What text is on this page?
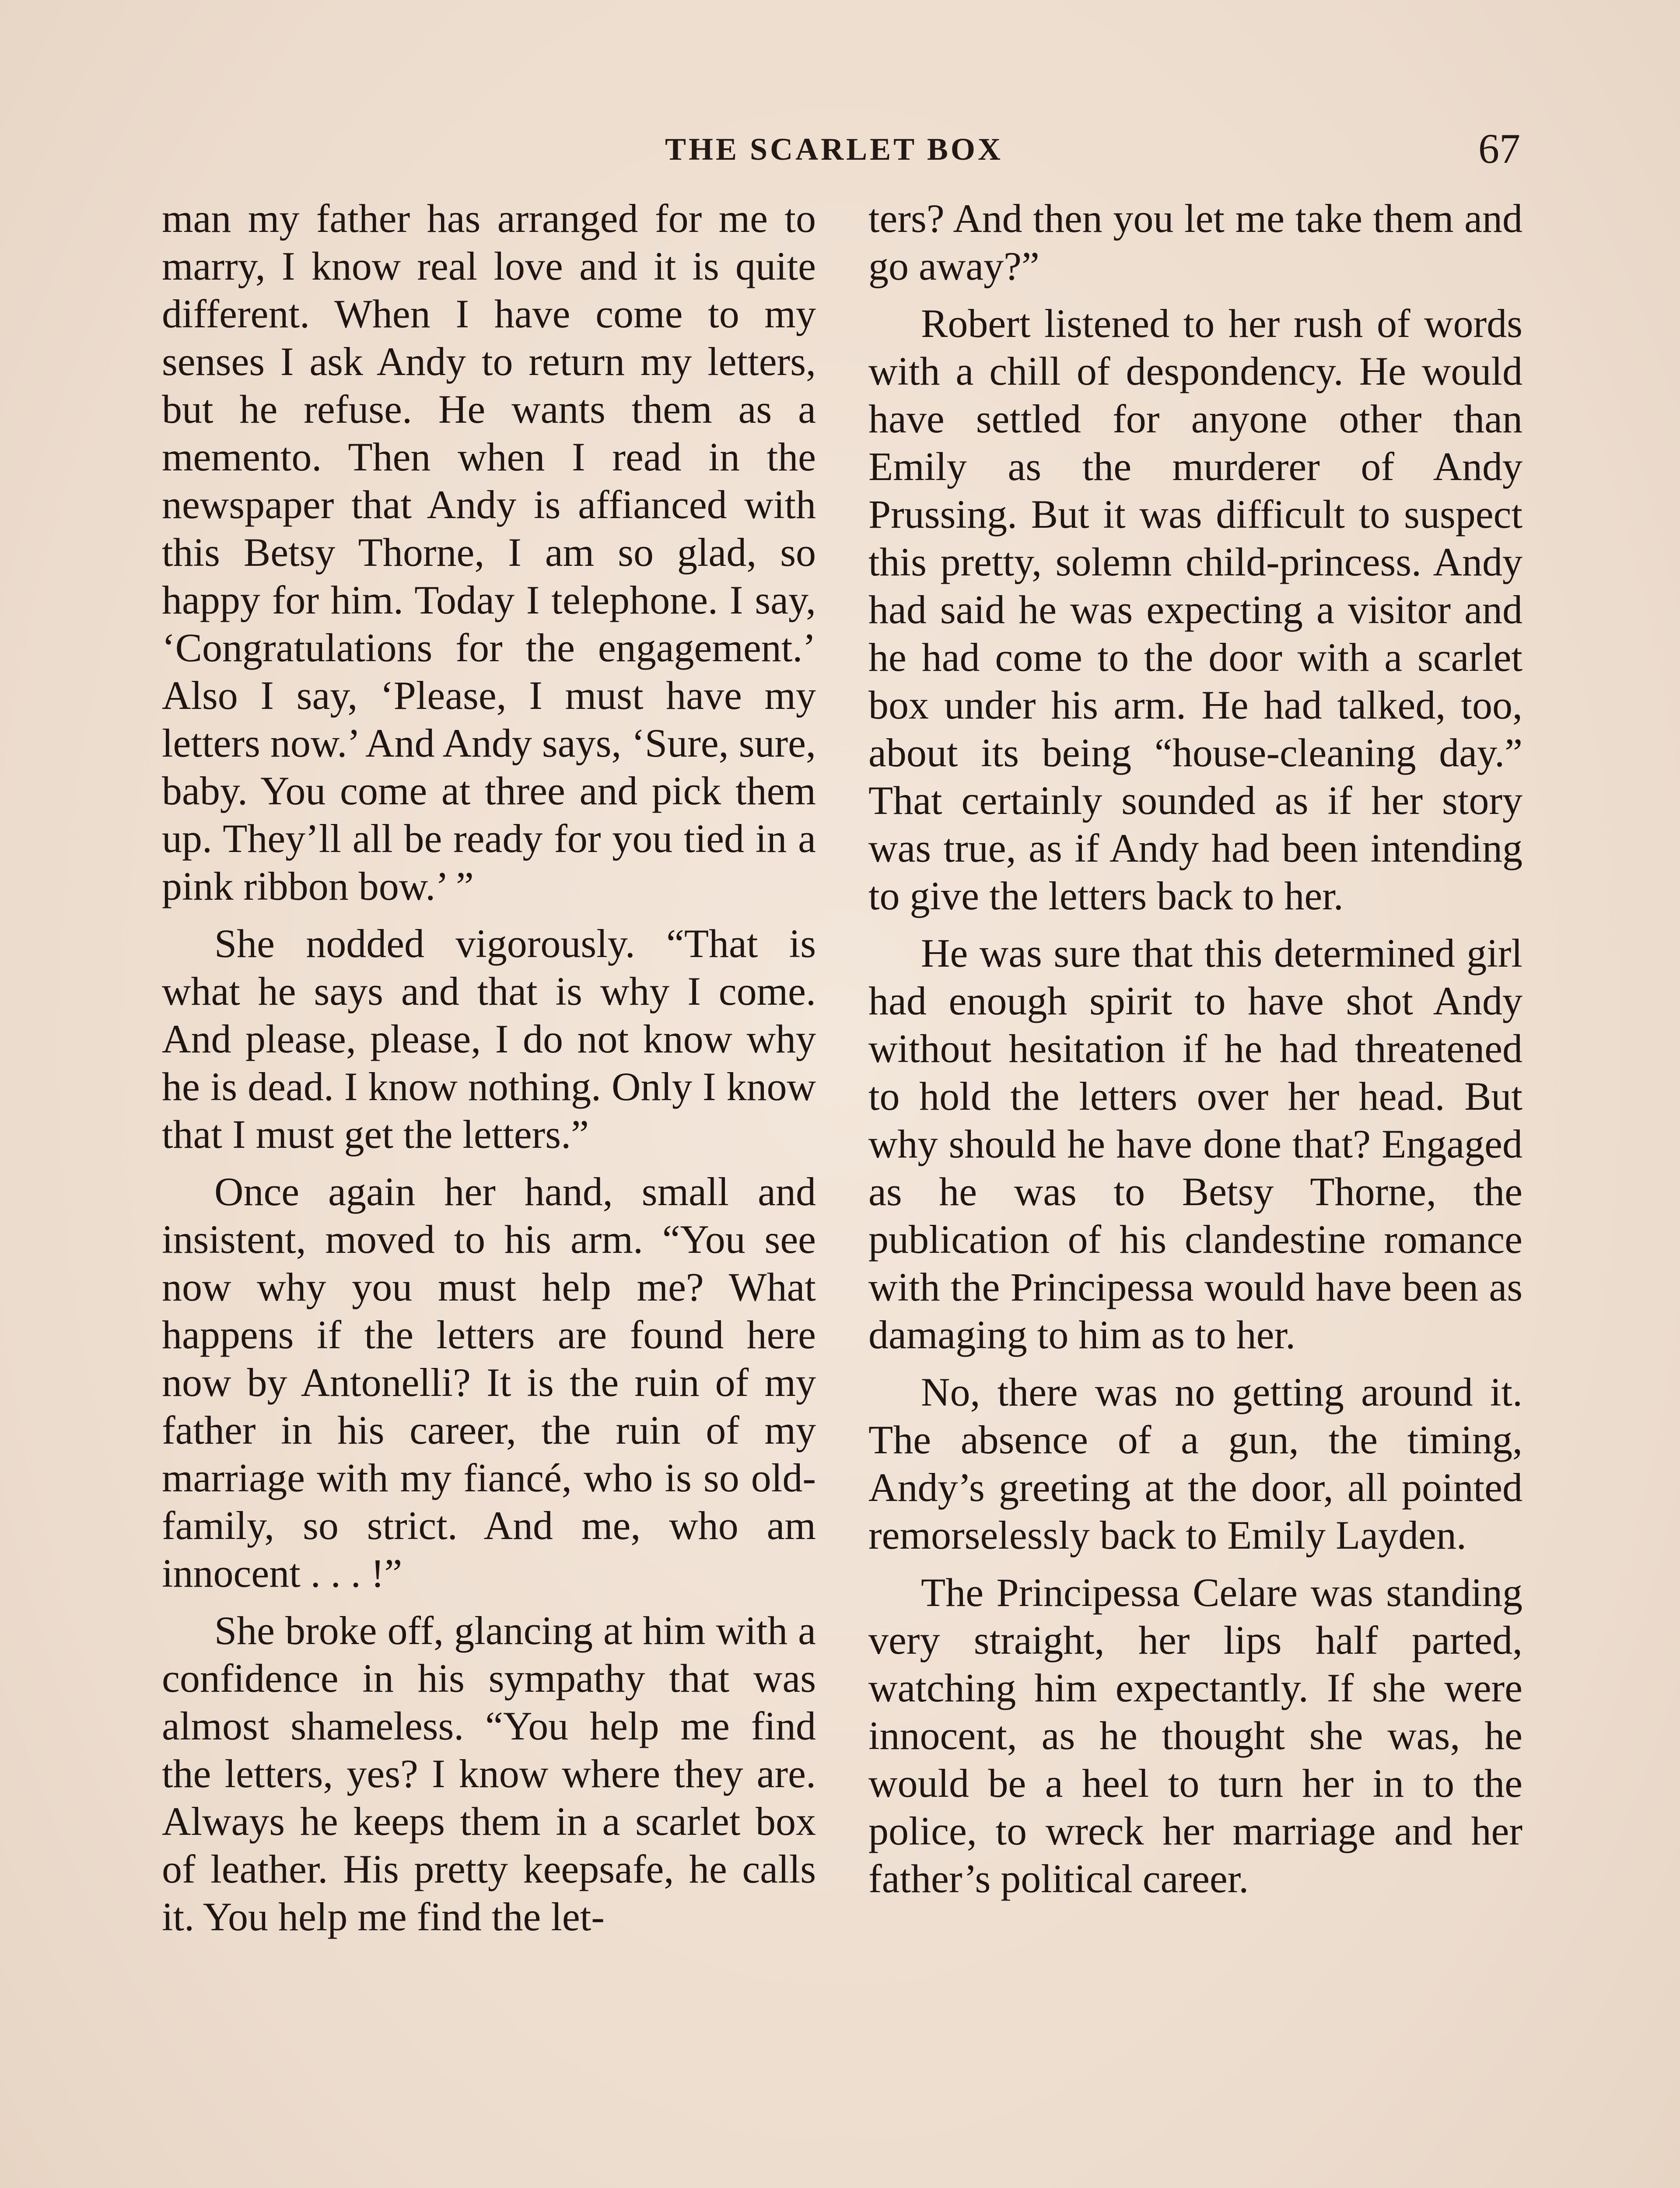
THE SCARLET BOX	67

man my father has arranged for me to marry, I know real love and it is quite different. When I have come to my senses I ask Andy to return my letters, but he refuse. He wants them as a memento. Then when I read in the newspaper that Andy is affianced with this Betsy Thorne, I am so glad, so happy for him. Today I telephone. I say, ‘Congratulations for the engagement.’ Also I say, ‘Please, I must have my letters now.’ And Andy says, ‘Sure, sure, baby. You come at three and pick them up. They’ll all be ready for you tied in a pink ribbon bow.’ ”

She nodded vigorously. “That is what he says and that is why I come. And please, please, I do not know why he is dead. I know nothing. Only I know that I must get the letters.”

Once again her hand, small and insistent, moved to his arm. “You see now why you must help me? What happens if the letters are found here now by Antonelli? It is the ruin of my father in his career, the ruin of my marriage with my fiancé, who is so old-family, so strict. And me, who am innocent . . . !”

She broke off, glancing at him with a confidence in his sympathy that was almost shameless. “You help me find the letters, yes? I know where they are. Always he keeps them in a scarlet box of leather. His pretty keepsafe, he calls it. You help me find the let-

ters? And then you let me take them and go away?”

Robert listened to her rush of words with a chill of despondency. He would have settled for anyone other than Emily as the murderer of Andy Prussing. But it was difficult to suspect this pretty, solemn child-princess. Andy had said he was expecting a visitor and he had come to the door with a scarlet box under his arm. He had talked, too, about its being “house-cleaning day.” That certainly sounded as if her story was true, as if Andy had been intending to give the letters back to her.

He was sure that this determined girl had enough spirit to have shot Andy without hesitation if he had threatened to hold the letters over her head. But why should he have done that? Engaged as he was to Betsy Thorne, the publication of his clandestine romance with the Principessa would have been as damaging to him as to her.

No, there was no getting around it. The absence of a gun, the timing, Andy’s greeting at the door, all pointed remorselessly back to Emily Layden.

The Principessa Celare was standing very straight, her lips half parted, watching him expectantly. If she were innocent, as he thought she was, he would be a heel to turn her in to the police, to wreck her marriage and her father’s political career.
